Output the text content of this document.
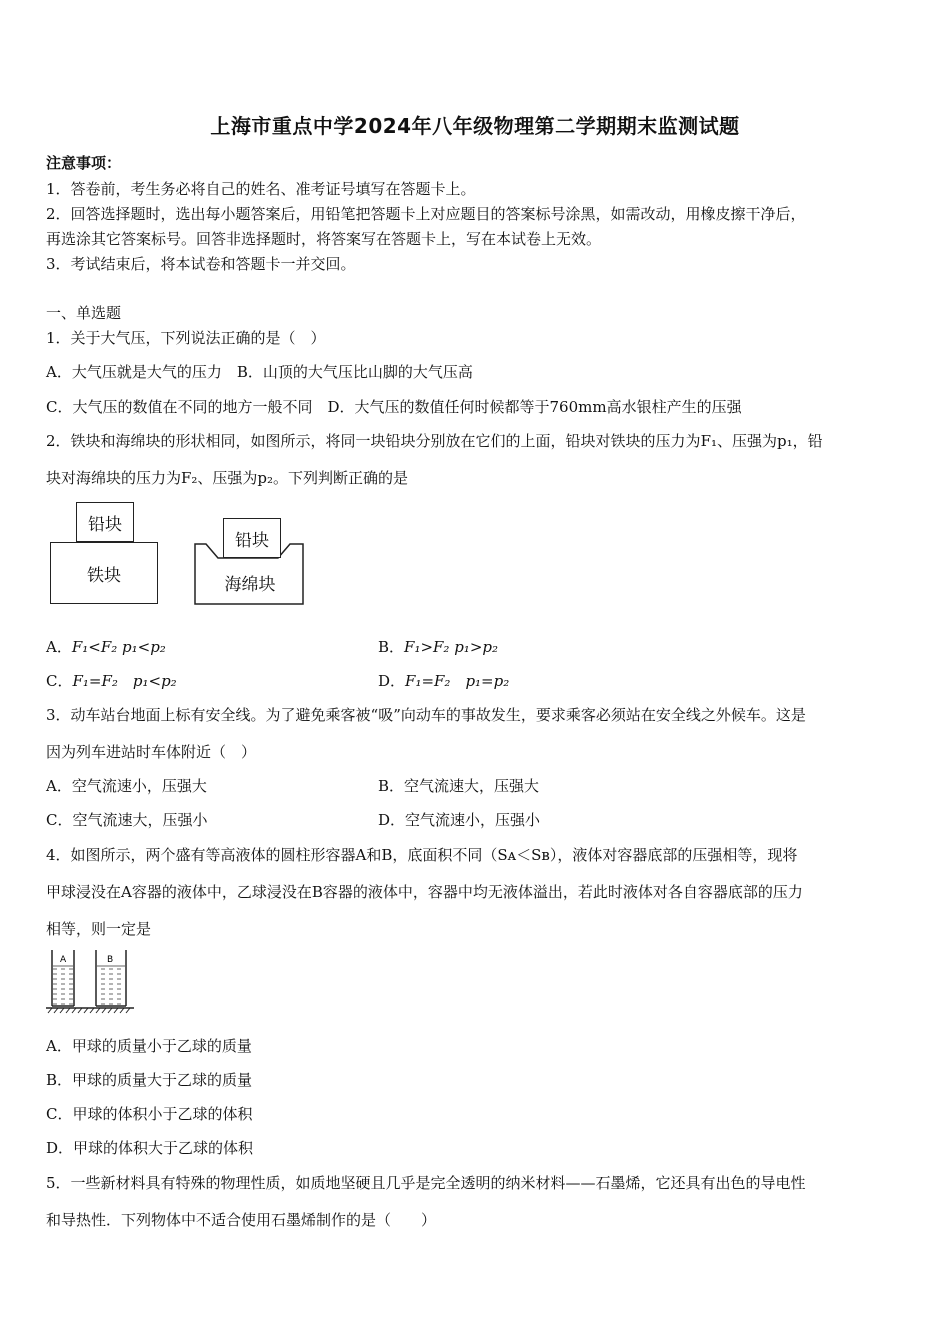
上海市重点中学2024年八年级物理第二学期期末监测试题
注意事项：
1．答卷前，考生务必将自己的姓名、准考证号填写在答题卡上。
2．回答选择题时，选出每小题答案后，用铅笔把答题卡上对应题目的答案标号涂黑，如需改动，用橡皮擦干净后，
再选涂其它答案标号。回答非选择题时，将答案写在答题卡上，写在本试卷上无效。
3．考试结束后，将本试卷和答题卡一并交回。
一、单选题
1．关于大气压，下列说法正确的是（　）
A．大气压就是大气的压力　B．山顶的大气压比山脚的大气压高
C．大气压的数值在不同的地方一般不同　D．大气压的数值任何时候都等于760mm高水银柱产生的压强
2．铁块和海绵块的形状相同，如图所示，将同一块铅块分别放在它们的上面，铅块对铁块的压力为F₁、压强为p₁，铅
块对海绵块的压力为F₂、压强为p₂。下列判断正确的是
铅块
铁块
铅块
海绵块
A．F₁<F₂ p₁<p₂	B．F₁>F₂ p₁>p₂
C．F₁=F₂　p₁<p₂	D．F₁=F₂　p₁=p₂
3．动车站台地面上标有安全线。为了避免乘客被“吸”向动车的事故发生，要求乘客必须站在安全线之外候车。这是
因为列车进站时车体附近（　）
A．空气流速小，压强大	B．空气流速大，压强大
C．空气流速大，压强小	D．空气流速小，压强小
4．如图所示，两个盛有等高液体的圆柱形容器A和B，底面积不同（Sᴀ＜Sʙ），液体对容器底部的压强相等，现将
甲球浸没在A容器的液体中，乙球浸没在B容器的液体中，容器中均无液体溢出，若此时液体对各自容器底部的压力
相等，则一定是
A	B
A．甲球的质量小于乙球的质量
B．甲球的质量大于乙球的质量
C．甲球的体积小于乙球的体积
D．甲球的体积大于乙球的体积
5．一些新材料具有特殊的物理性质，如质地坚硬且几乎是完全透明的纳米材料——石墨烯，它还具有出色的导电性
和导热性．下列物体中不适合使用石墨烯制作的是（　　）
